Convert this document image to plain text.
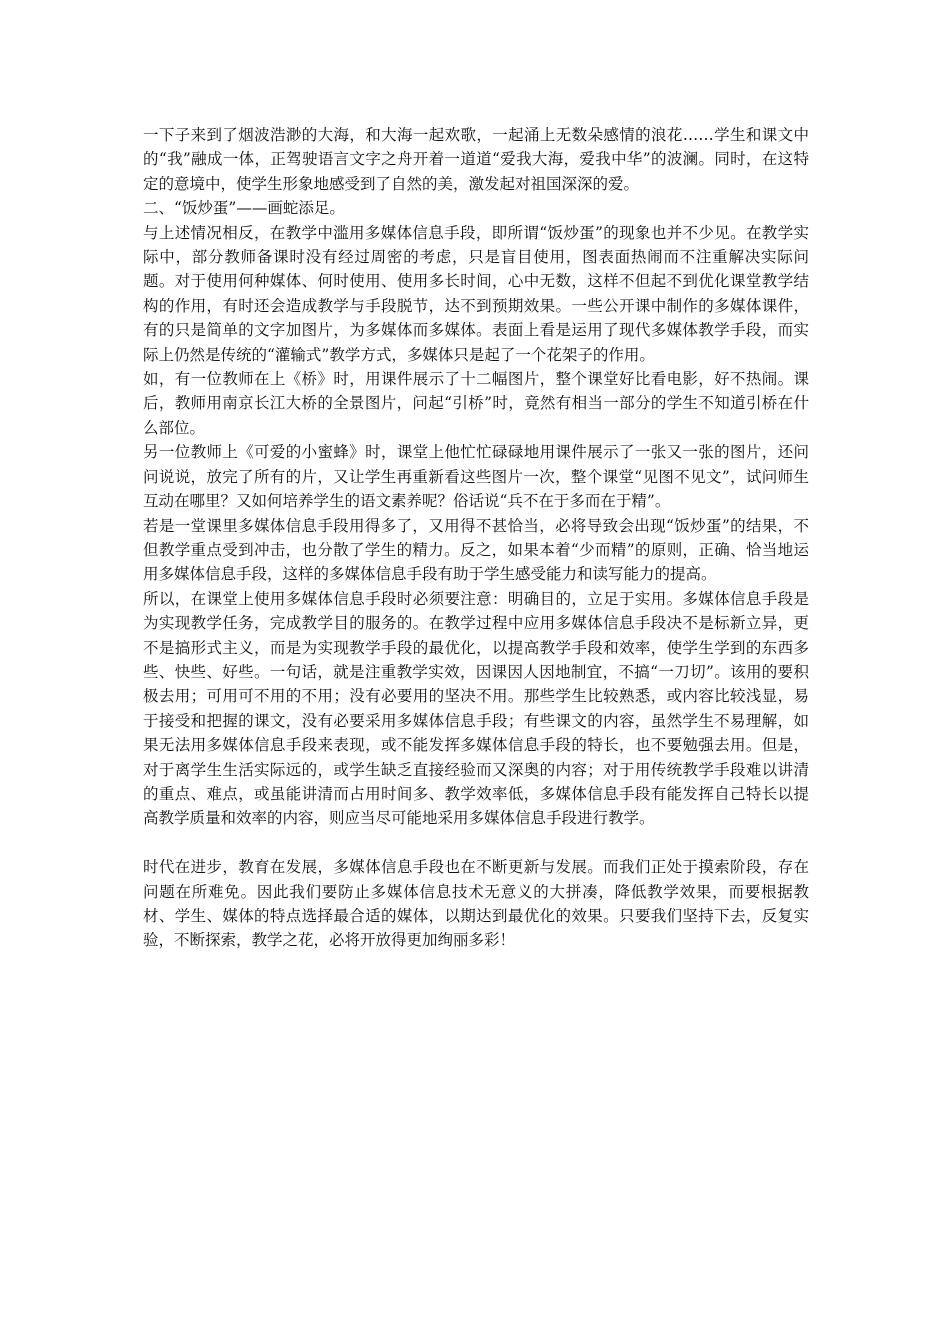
一下子来到了烟波浩渺的大海，和大海一起欢歌，一起涌上无数朵感情的浪花……学生和课文中的“我”融成一体，正驾驶语言文字之舟开着一道道“爱我大海，爱我中华”的波澜。同时，在这特定的意境中，使学生形象地感受到了自然的美，激发起对祖国深深的爱。

二、“饭炒蛋”——画蛇添足。

与上述情况相反，在教学中滥用多媒体信息手段，即所谓“饭炒蛋”的现象也并不少见。在教学实际中，部分教师备课时没有经过周密的考虑，只是盲目使用，图表面热闹而不注重解决实际问题。对于使用何种媒体、何时使用、使用多长时间，心中无数，这样不但起不到优化课堂教学结构的作用，有时还会造成教学与手段脱节，达不到预期效果。一些公开课中制作的多媒体课件，有的只是简单的文字加图片，为多媒体而多媒体。表面上看是运用了现代多媒体教学手段，而实际上仍然是传统的“灌输式”教学方式，多媒体只是起了一个花架子的作用。

如，有一位教师在上《桥》时，用课件展示了十二幅图片，整个课堂好比看电影，好不热闹。课后，教师用南京长江大桥的全景图片，问起“引桥”时，竟然有相当一部分的学生不知道引桥在什么部位。

另一位教师上《可爱的小蜜蜂》时，课堂上他忙忙碌碌地用课件展示了一张又一张的图片，还问问说说，放完了所有的片，又让学生再重新看这些图片一次，整个课堂“见图不见文”，试问师生互动在哪里？又如何培养学生的语文素养呢？俗话说“兵不在于多而在于精”。

若是一堂课里多媒体信息手段用得多了，又用得不甚恰当，必将导致会出现“饭炒蛋”的结果，不但教学重点受到冲击，也分散了学生的精力。反之，如果本着“少而精”的原则，正确、恰当地运用多媒体信息手段，这样的多媒体信息手段有助于学生感受能力和读写能力的提高。

所以，在课堂上使用多媒体信息手段时必须要注意：明确目的，立足于实用。多媒体信息手段是为实现教学任务，完成教学目的服务的。在教学过程中应用多媒体信息手段决不是标新立异，更不是搞形式主义，而是为实现教学手段的最优化，以提高教学手段和效率，使学生学到的东西多些、快些、好些。一句话，就是注重教学实效，因课因人因地制宜，不搞“一刀切”。该用的要积极去用；可用可不用的不用；没有必要用的坚决不用。那些学生比较熟悉，或内容比较浅显，易于接受和把握的课文，没有必要采用多媒体信息手段；有些课文的内容，虽然学生不易理解，如果无法用多媒体信息手段来表现，或不能发挥多媒体信息手段的特长，也不要勉强去用。但是，对于离学生生活实际远的，或学生缺乏直接经验而又深奥的内容；对于用传统教学手段难以讲清的重点、难点，或虽能讲清而占用时间多、教学效率低，多媒体信息手段有能发挥自己特长以提高教学质量和效率的内容，则应当尽可能地采用多媒体信息手段进行教学。

时代在进步，教育在发展，多媒体信息手段也在不断更新与发展。而我们正处于摸索阶段，存在问题在所难免。因此我们要防止多媒体信息技术无意义的大拼凑，降低教学效果，而要根据教材、学生、媒体的特点选择最合适的媒体，以期达到最优化的效果。只要我们坚持下去，反复实验，不断探索，教学之花，必将开放得更加绚丽多彩！
